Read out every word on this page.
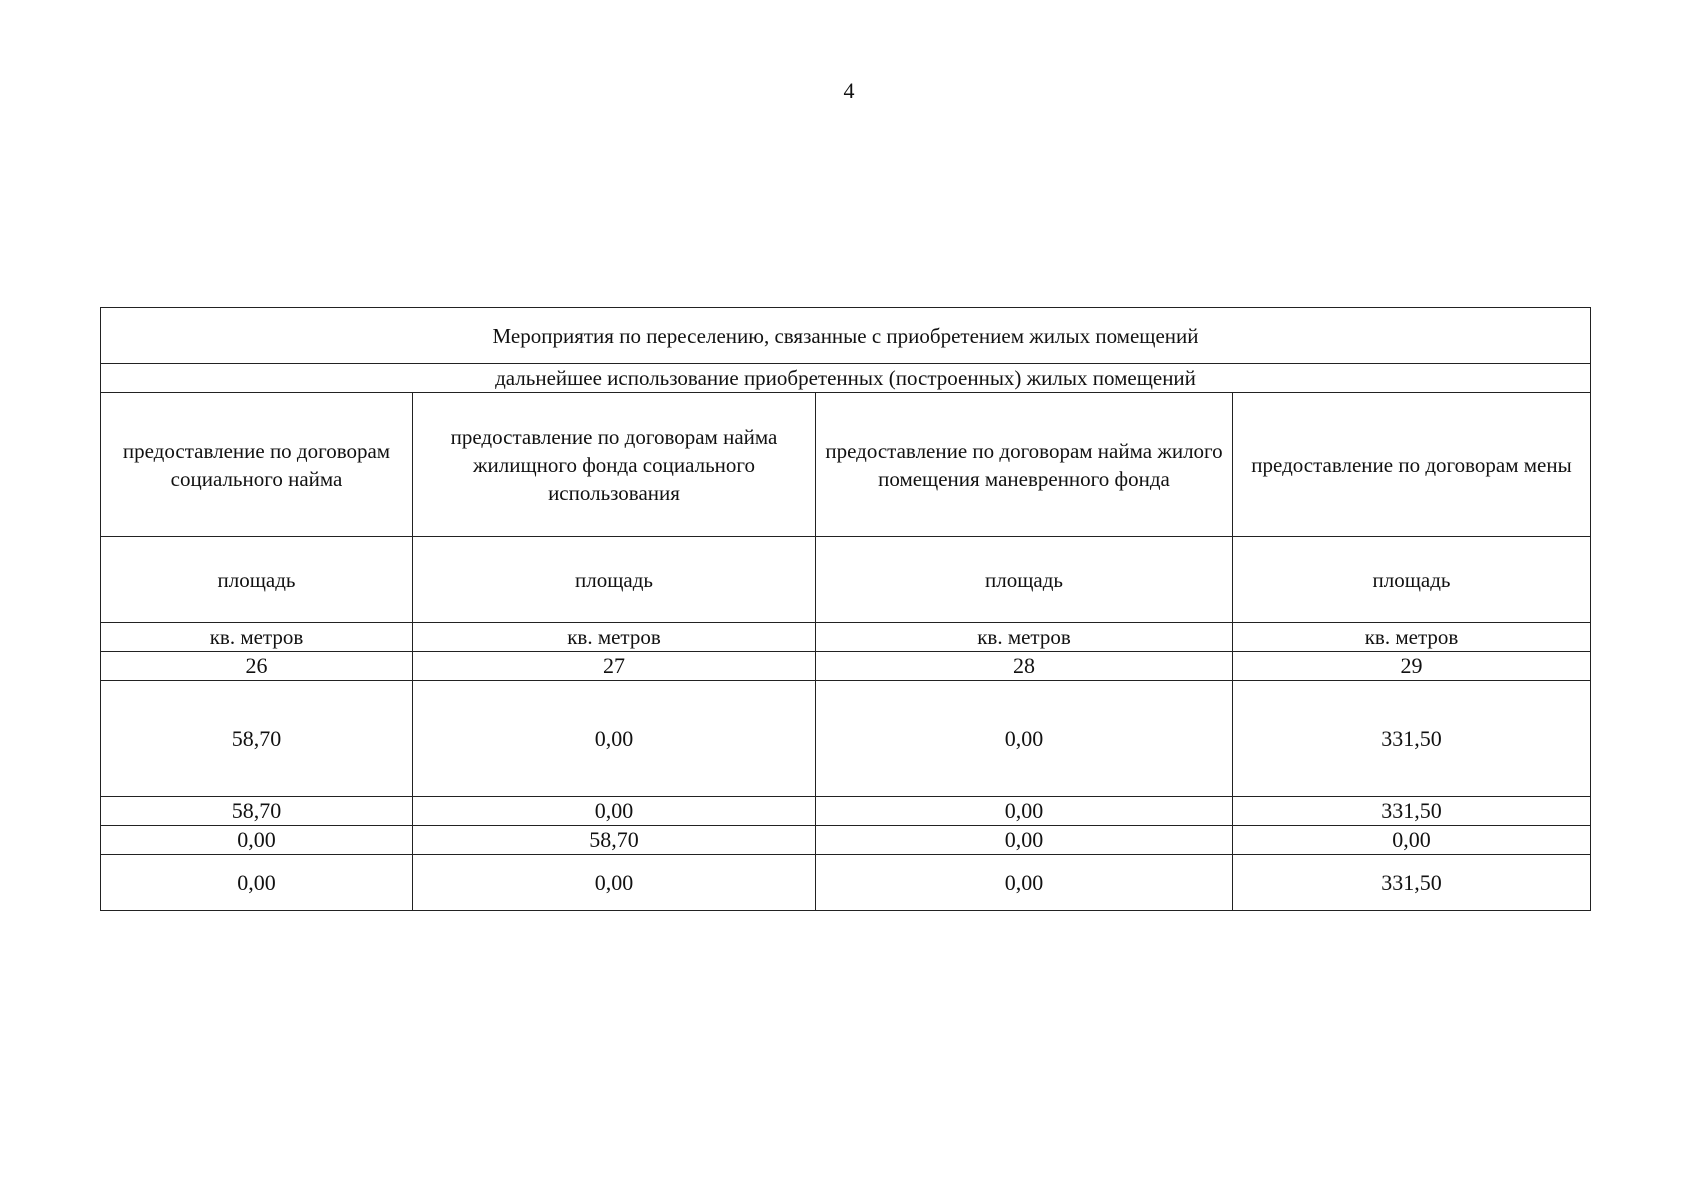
4
Мероприятия по переселению, связанные с приобретением жилых помещений			
дальнейшее использование приобретенных (построенных) жилых помещений			
предоставление по договорам социального найма	предоставление по договорам найма жилищного фонда социального использования	предоставление по договорам найма жилого помещения маневренного фонда	предоставление по договорам мены
площадь	площадь	площадь	площадь
кв. метров	кв. метров	кв. метров	кв. метров
26	27	28	29
58,70	0,00	0,00	331,50
58,70	0,00	0,00	331,50
0,00	58,70	0,00	0,00
0,00	0,00	0,00	331,50
